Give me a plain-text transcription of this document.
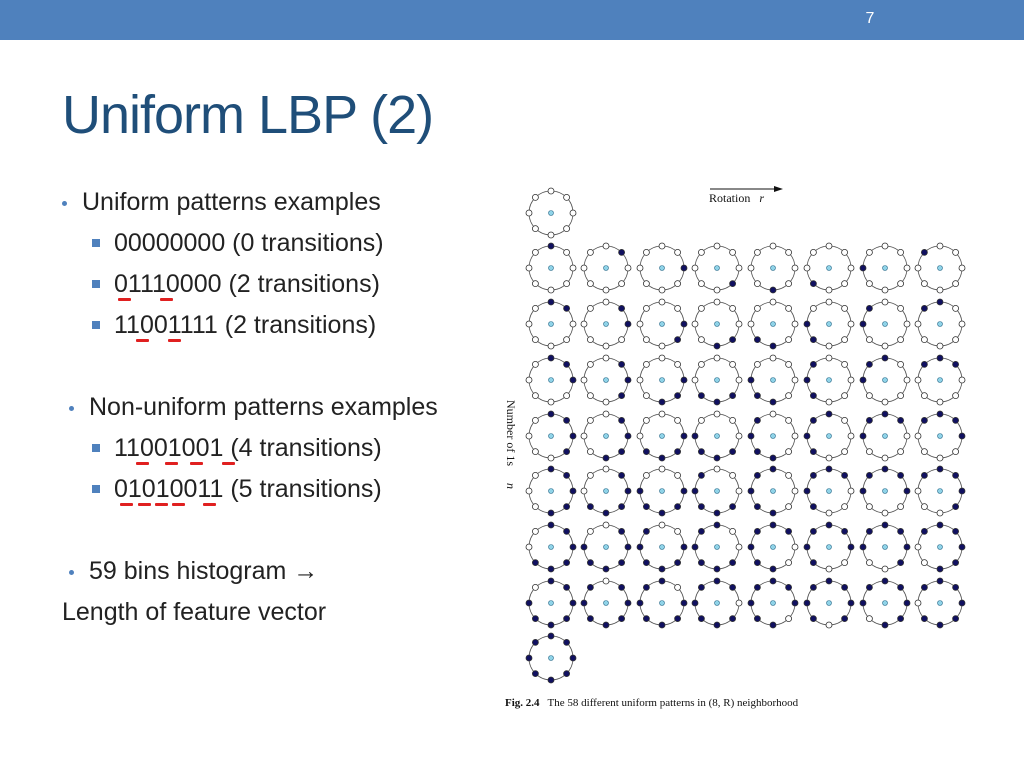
7
Uniform LBP (2)
Uniform patterns examples
00000000 (0 transitions)
01110000 (2 transitions)
11001111 (2 transitions)
Non-uniform patterns examples
11001001 (4 transitions)
01010011 (5 transitions)
59 bins histogram →
Length of feature vector
Rotation r
Number of 1s n
Fig. 2.4 The 58 different uniform patterns in (8, R) neighborhood
